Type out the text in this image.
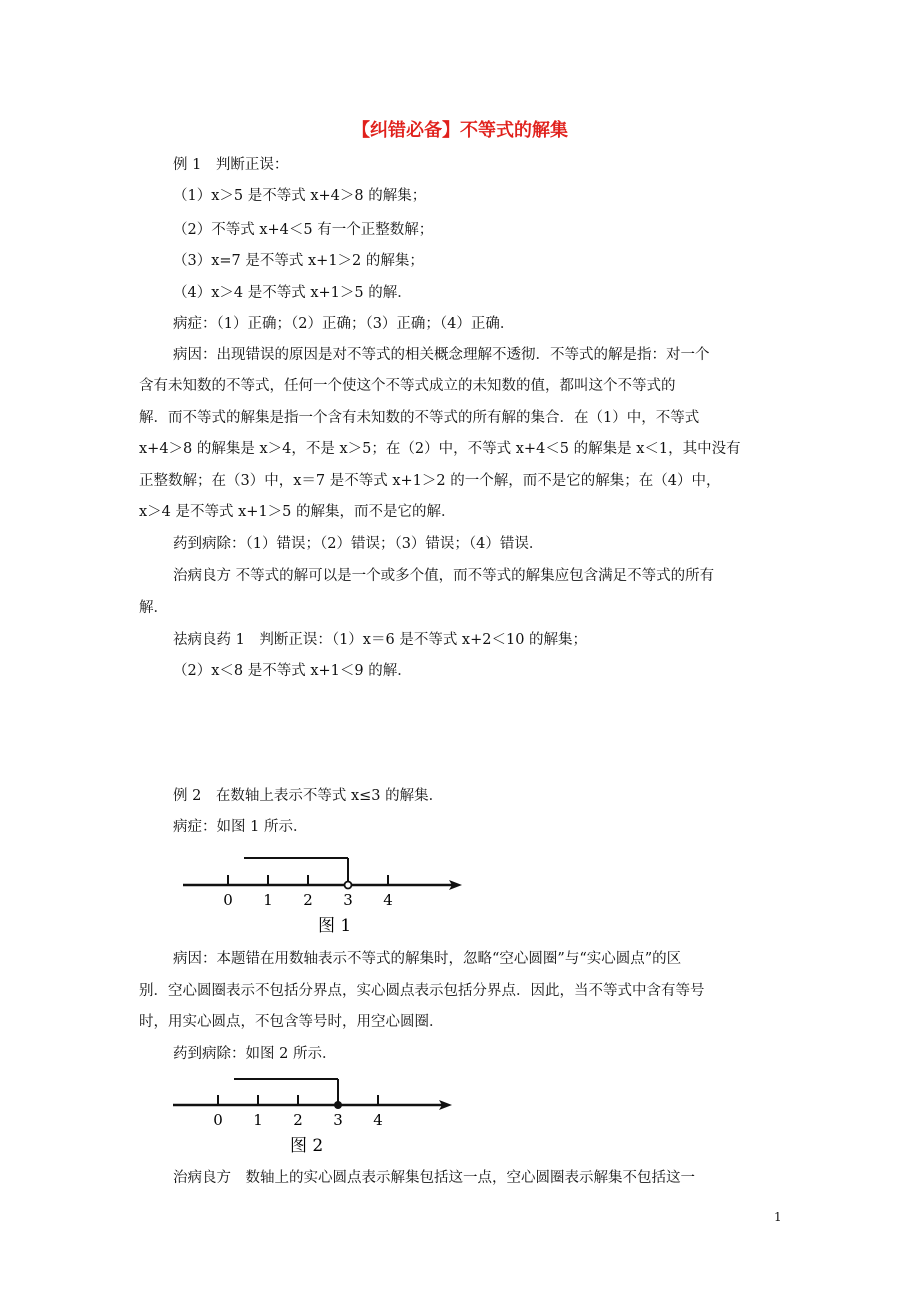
【纠错必备】不等式的解集
例 1　判断正误：
（1）x＞5 是不等式 x+4＞8 的解集；
（2）不等式 x+4＜5 有一个正整数解；
（3）x=7 是不等式 x+1＞2 的解集；
（4）x＞4 是不等式 x+1＞5 的解．
病症：（1）正确；（2）正确；（3）正确；（4）正确．
病因：出现错误的原因是对不等式的相关概念理解不透彻．不等式的解是指：对一个
含有未知数的不等式，任何一个使这个不等式成立的未知数的值，都叫这个不等式的
解．而不等式的解集是指一个含有未知数的不等式的所有解的集合．在（1）中，不等式
x+4＞8 的解集是 x＞4，不是 x＞5；在（2）中，不等式 x+4＜5 的解集是 x＜1，其中没有
正整数解；在（3）中，x＝7 是不等式 x+1＞2 的一个解，而不是它的解集；在（4）中，
x＞4 是不等式 x+1＞5 的解集，而不是它的解．
药到病除：（1）错误；（2）错误；（3）错误；（4）错误．
治病良方 不等式的解可以是一个或多个值，而不等式的解集应包含满足不等式的所有
解．
祛病良药 1　判断正误：（1）x＝6 是不等式 x+2＜10 的解集；
（2）x＜8 是不等式 x+1＜9 的解．
例 2　在数轴上表示不等式 x≤3 的解集．
病症：如图 1 所示．
0 1 2 3 4
图 1
病因：本题错在用数轴表示不等式的解集时，忽略“空心圆圈”与“实心圆点”的区
别．空心圆圈表示不包括分界点，实心圆点表示包括分界点．因此，当不等式中含有等号
时，用实心圆点，不包含等号时，用空心圆圈．
药到病除：如图 2 所示．
0 1 2 3 4
图 2
治病良方　数轴上的实心圆点表示解集包括这一点，空心圆圈表示解集不包括这一
1
